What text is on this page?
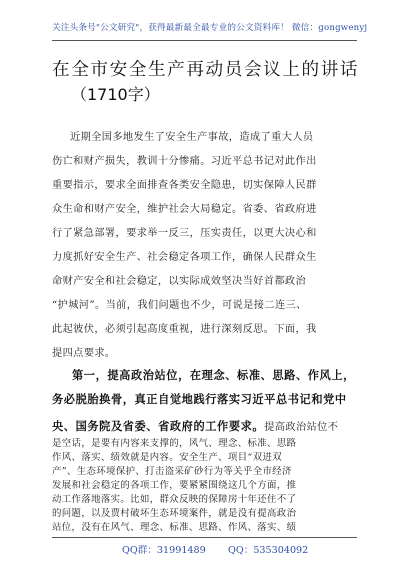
关注头条号"公文研究"，获得最新最全最专业的公文资料库！ 微信：gongwenyj
在全市安全生产再动员会议上的讲话
（1710字）
近期全国多地发生了安全生产事故，造成了重大人员
伤亡和财产损失，教训十分惨痛。习近平总书记对此作出
重要指示，要求全面排查各类安全隐患，切实保障人民群
众生命和财产安全，维护社会大局稳定。省委、省政府进
行了紧急部署，要求举一反三，压实责任，以更大决心和
力度抓好安全生产、社会稳定各项工作，确保人民群众生
命财产安全和社会稳定，以实际成效坚决当好首都政治
“护城河”。当前，我们问题也不少，可说是接二连三、
此起彼伏，必须引起高度重视，进行深刻反思。下面，我
提四点要求。
第一，提高政治站位，在理念、标准、思路、作风上，
务必脱胎换骨，真正自觉地践行落实习近平总书记和党中
央、国务院及省委、省政府的工作要求。提高政治站位不
是空话，是要有内容来支撑的，风气、理念、标准、思路
作风、落实、绩效就是内容。安全生产、项目“双进双
产”、生态环境保护、打击盗采矿砂行为等关乎全市经济
发展和社会稳定的各项工作，要紧紧围绕这几个方面，推
动工作落地落实。比如，群众反映的保障房十年还住不了
的问题，以及贾村破坏生态环境案件，就是没有提高政治
站位，没有在风气、理念、标准、思路、作风、落实、绩
QQ群：31991489 QQ：535304092
